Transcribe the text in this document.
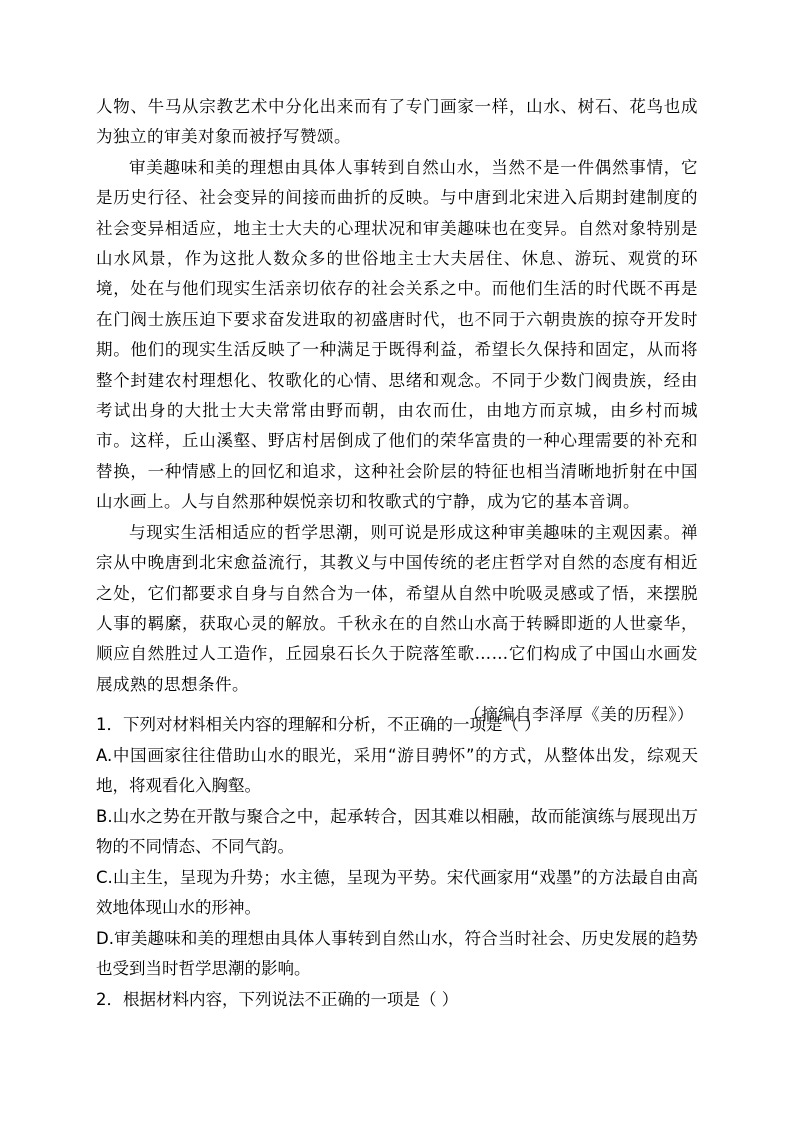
人物、牛马从宗教艺术中分化出来而有了专门画家一样，山水、树石、花鸟也成为独立的审美对象而被抒写赞颂。

审美趣味和美的理想由具体人事转到自然山水，当然不是一件偶然事情，它是历史行径、社会变异的间接而曲折的反映。与中唐到北宋进入后期封建制度的社会变异相适应，地主士大夫的心理状况和审美趣味也在变异。自然对象特别是山水风景，作为这批人数众多的世俗地主士大夫居住、休息、游玩、观赏的环境，处在与他们现实生活亲切依存的社会关系之中。而他们生活的时代既不再是在门阀士族压迫下要求奋发进取的初盛唐时代，也不同于六朝贵族的掠夺开发时期。他们的现实生活反映了一种满足于既得利益，希望长久保持和固定，从而将整个封建农村理想化、牧歌化的心情、思绪和观念。不同于少数门阀贵族，经由考试出身的大批士大夫常常由野而朝，由农而仕，由地方而京城，由乡村而城市。这样，丘山溪壑、野店村居倒成了他们的荣华富贵的一种心理需要的补充和替换，一种情感上的回忆和追求，这种社会阶层的特征也相当清晰地折射在中国山水画上。人与自然那种娱悦亲切和牧歌式的宁静，成为它的基本音调。

与现实生活相适应的哲学思潮，则可说是形成这种审美趣味的主观因素。禅宗从中晚唐到北宋愈益流行，其教义与中国传统的老庄哲学对自然的态度有相近之处，它们都要求自身与自然合为一体，希望从自然中吮吸灵感或了悟，来摆脱人事的羁縻，获取心灵的解放。千秋永在的自然山水高于转瞬即逝的人世豪华，顺应自然胜过人工造作，丘园泉石长久于院落笙歌……它们构成了中国山水画发展成熟的思想条件。

（摘编自李泽厚《美的历程》）

1．下列对材料相关内容的理解和分析，不正确的一项是（ ）

A.中国画家往往借助山水的眼光，采用“游目骋怀”的方式，从整体出发，综观天地，将观看化入胸壑。

B.山水之势在开散与聚合之中，起承转合，因其难以相融，故而能演练与展现出万物的不同情态、不同气韵。

C.山主生，呈现为升势；水主德，呈现为平势。宋代画家用“戏墨”的方法最自由高效地体现山水的形神。

D.审美趣味和美的理想由具体人事转到自然山水，符合当时社会、历史发展的趋势也受到当时哲学思潮的影响。

2．根据材料内容，下列说法不正确的一项是（ ）
